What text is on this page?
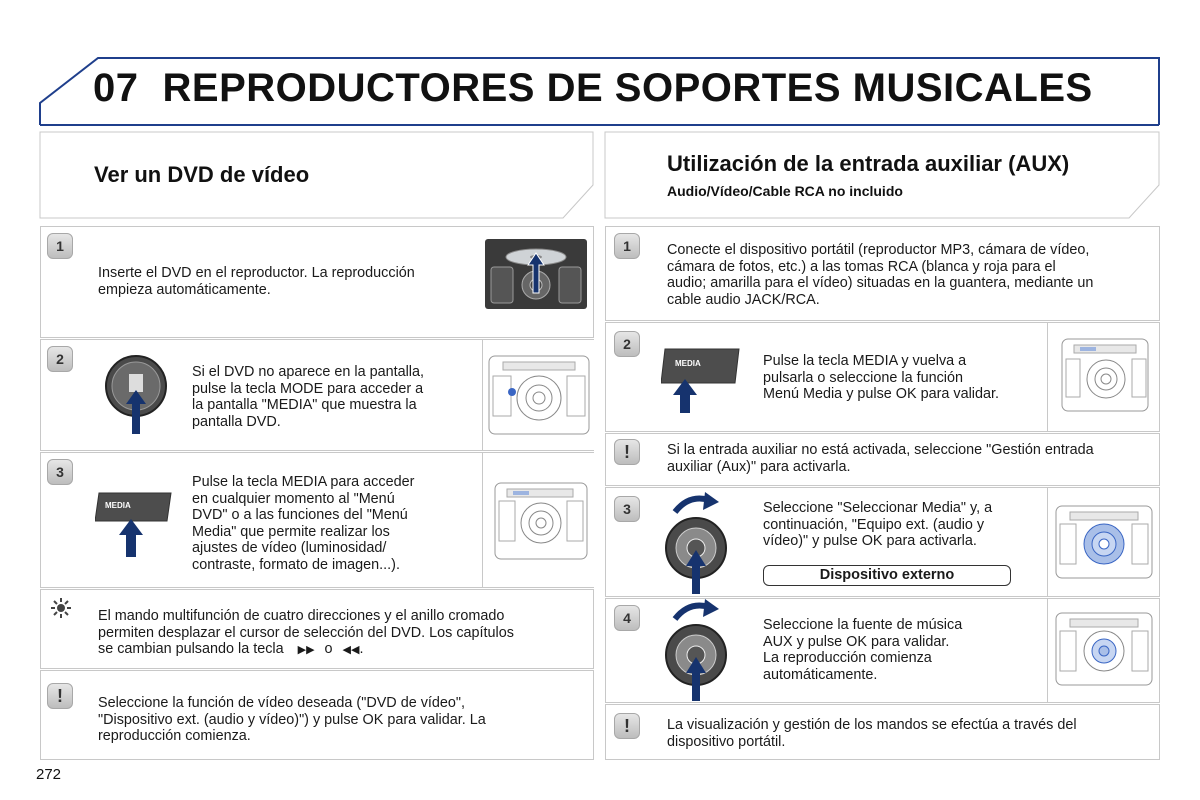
07 REPRODUCTORES DE SOPORTES MUSICALES
Ver un DVD de vídeo	Utilización de la entrada auxiliar (AUX)
Audio/Vídeo/Cable RCA no incluido
1
Inserte el DVD en el reproductor. La reproducción
empieza automáticamente.
2
Si el DVD no aparece en la pantalla,
pulse la tecla MODE para acceder a
la pantalla "MEDIA" que muestra la
pantalla DVD.
3
MEDIA
Pulse la tecla MEDIA para acceder
en cualquier momento al "Menú
DVD" o a las funciones del "Menú
Media" que permite realizar los
ajustes de vídeo (luminosidad/
contraste, formato de imagen...).
El mando multifunción de cuatro direcciones y el anillo cromado
permiten desplazar el cursor de selección del DVD. Los capítulos
se cambian pulsando la tecla ▶▶ o ◀◀.
!	Seleccione la función de vídeo deseada ("DVD de vídeo",
"Dispositivo ext. (audio y vídeo)") y pulse OK para validar. La
reproducción comienza.
1	Conecte el dispositivo portátil (reproductor MP3, cámara de vídeo,
cámara de fotos, etc.) a las tomas RCA (blanca y roja para el
audio; amarilla para el vídeo) situadas en la guantera, mediante un
cable audio JACK/RCA.
2
MEDIA	Pulse la tecla MEDIA y vuelva a
pulsarla o seleccione la función
Menú Media y pulse OK para validar.
!	Si la entrada auxiliar no está activada, seleccione "Gestión entrada
auxiliar (Aux)" para activarla.
3	Seleccione "Seleccionar Media" y, a
continuación, "Equipo ext. (audio y
vídeo)" y pulse OK para activarla.
Dispositivo externo
4	Seleccione la fuente de música
AUX y pulse OK para validar.
La reproducción comienza
automáticamente.
!	La visualización y gestión de los mandos se efectúa a través del
dispositivo portátil.
272
